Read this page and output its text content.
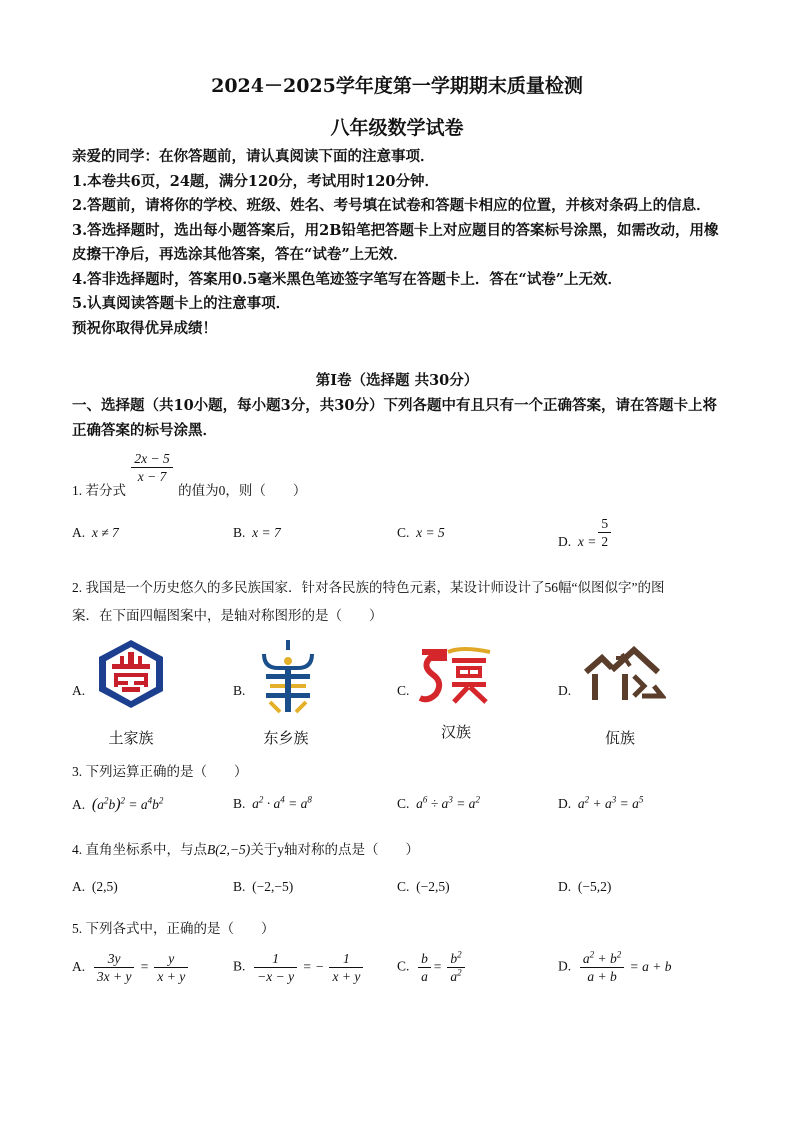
2024－2025学年度第一学期期末质量检测
八年级数学试卷

亲爱的同学：在你答题前，请认真阅读下面的注意事项．

1.本卷共6页，24题，满分120分，考试用时120分钟．

2.答题前，请将你的学校、班级、姓名、考号填在试卷和答题卡相应的位置，并核对条码上的信息．

3.答选择题时，选出每小题答案后，用2B铅笔把答题卡上对应题目的答案标号涂黑，如需改动，用橡皮擦干净后，再选涂其他答案，答在“试卷”上无效．

4.答非选择题时，答案用0.5毫米黑色笔迹签字笔写在答题卡上．答在“试卷”上无效．

5.认真阅读答题卡上的注意事项．

预祝你取得优异成绩！

第Ⅰ卷（选择题 共30分）
一、选择题（共10小题，每小题3分，共30分）下列各题中有且只有一个正确答案，请在答题卡上将正确答案的标号涂黑．
1. 若分式
$\frac{2x - 5}{x - 7}$
的值为0，则（　　）
A. x ≠ 7	B. x = 7	C. x = 5
D. $x = \frac{5}{2}$
2. 我国是一个历史悠久的多民族国家．针对各民族的特色元素，某设计师设计了56幅“似图似字”的图
案．在下面四幅图案中，是轴对称图形的是（　　）
A.
土家族
B.
东乡族
C.
汉族
D.
佤族
3. 下列运算正确的是（　　）
A. $(a^2b)^2 = a^4b^2$	B. $a^2 \cdot a^4 = a^8$	C. $a^6 \div a^3 = a^2$	D. $a^2 + a^3 = a^5$
4. 直角坐标系中，与点B(2,−5)关于y轴对称的点是（　　）
A. (2,5)	B. (−2,−5)	C. (−2,5)	D. (−5,2)
5. 下列各式中，正确的是（　　）
A. $\frac{3y}{3x + y} = \frac{y}{x + y}$	B. $\frac{1}{-x - y}$ = − $\frac{1}{x + y} C$. $\frac{b}{a} = \frac{b^2}{a^2}$	D. $\frac{a^2 + b^2}{a + b} = a + b$
